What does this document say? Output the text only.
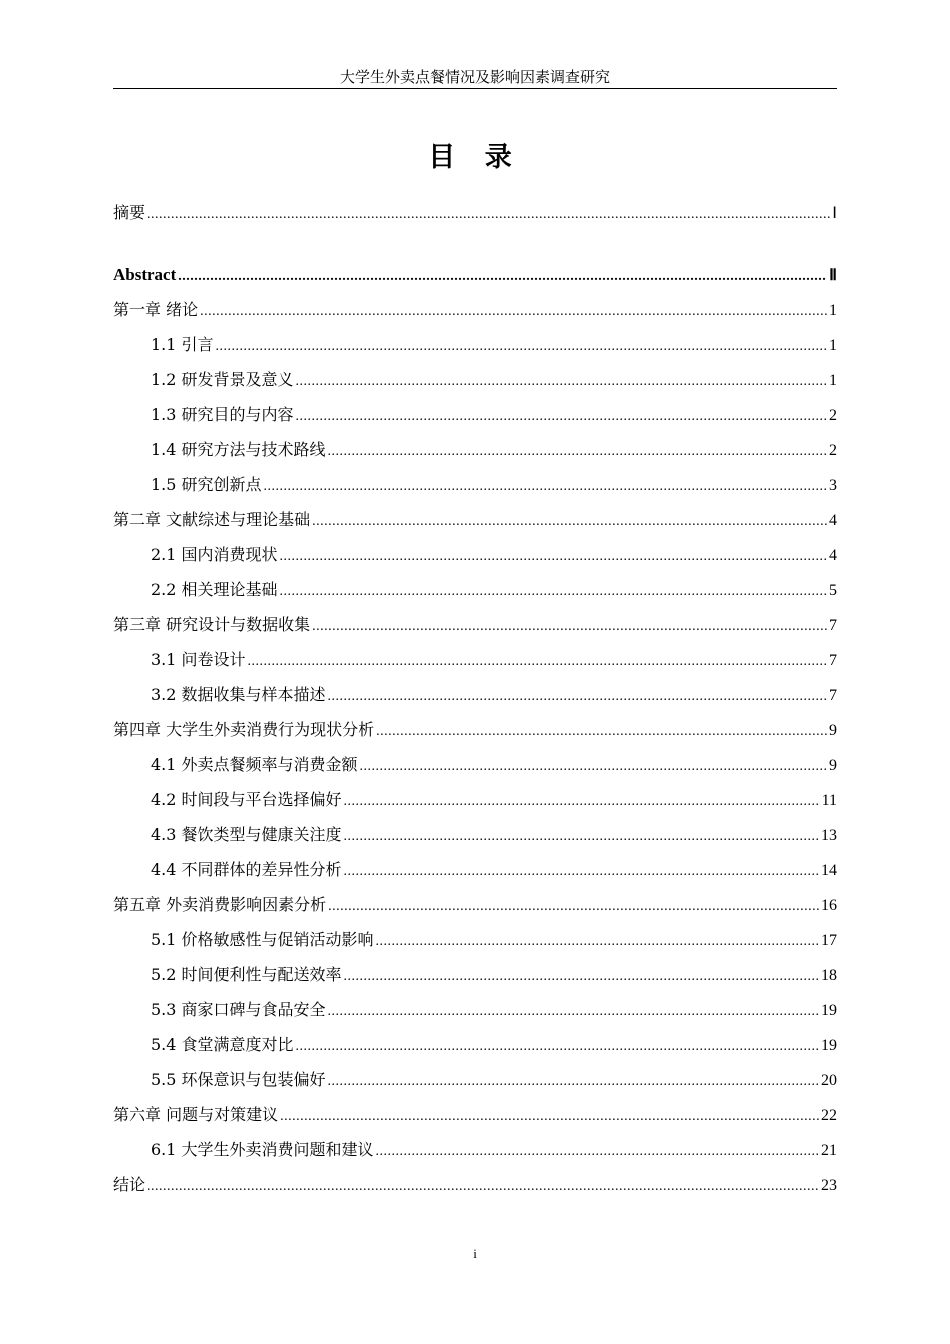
大学生外卖点餐情况及影响因素调查研究
目 录
摘要 .....	Ⅰ
Abstract .....	Ⅱ
第一章 绪论 .....	1
1.1 引言 .....	1
1.2 研发背景及意义 .....	1
1.3 研究目的与内容 .....	2
1.4 研究方法与技术路线 .....	2
1.5 研究创新点 .....	3
第二章 文献综述与理论基础 .....	4
2.1 国内消费现状 .....	4
2.2 相关理论基础 .....	5
第三章 研究设计与数据收集 .....	7
3.1 问卷设计 .....	7
3.2 数据收集与样本描述 .....	7
第四章 大学生外卖消费行为现状分析 .....	9
4.1 外卖点餐频率与消费金额 .....	9
4.2 时间段与平台选择偏好 .....	11
4.3 餐饮类型与健康关注度 .....	13
4.4 不同群体的差异性分析 .....	14
第五章 外卖消费影响因素分析 .....	16
5.1 价格敏感性与促销活动影响 .....	17
5.2 时间便利性与配送效率 .....	18
5.3 商家口碑与食品安全 .....	19
5.4 食堂满意度对比 .....	19
5.5 环保意识与包装偏好 .....	20
第六章 问题与对策建议 .....	22
6.1 大学生外卖消费问题和建议 .....	21
结论 .....	23
i
